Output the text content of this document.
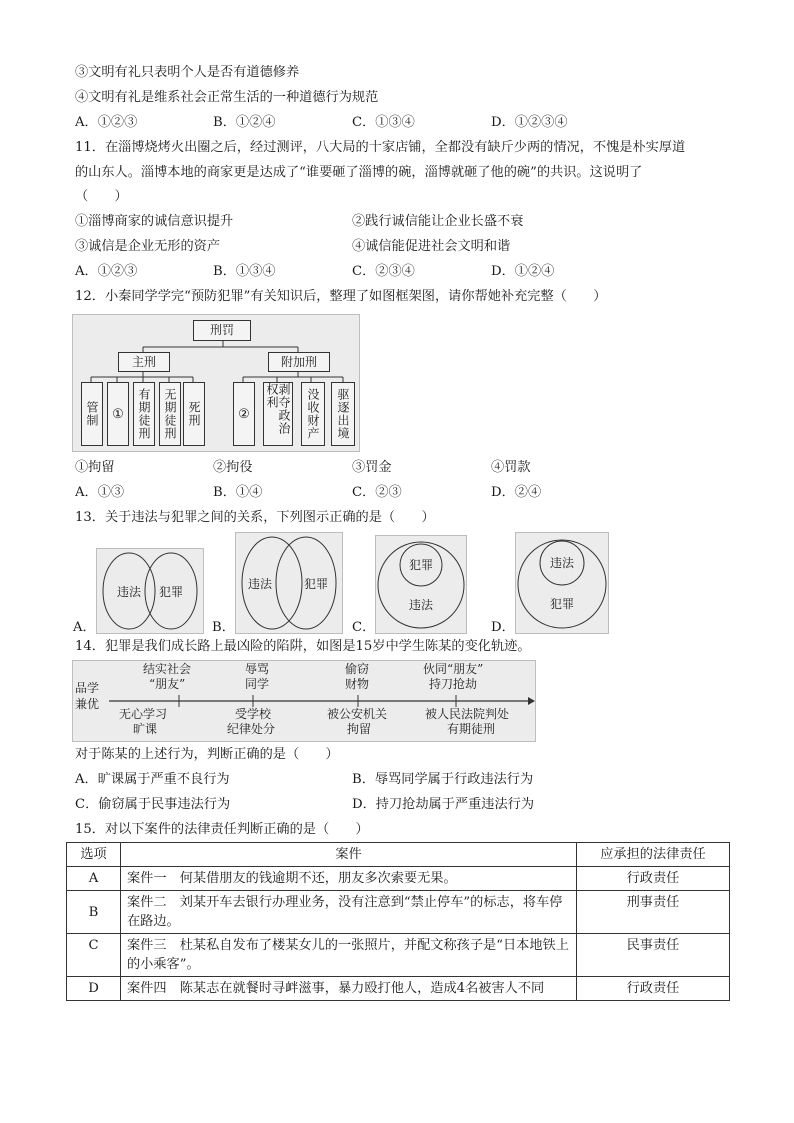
③文明有礼只表明个人是否有道德修养
④文明有礼是维系社会正常生活的一种道德行为规范
A．①②③	B．①②④	C．①③④	D．①②③④
11．在淄博烧烤火出圈之后，经过测评，八大局的十家店铺，全都没有缺斤少两的情况，不愧是朴实厚道
的山东人。淄博本地的商家更是达成了“谁要砸了淄博的碗，淄博就砸了他的碗”的共识。这说明了
（　　）
①淄博商家的诚信意识提升	②践行诚信能让企业长盛不衰
③诚信是企业无形的资产	④诚信能促进社会文明和谐
A．①②③	B．①③④	C．②③④	D．①②④
12．小秦同学学完“预防犯罪”有关知识后，整理了如图框架图，请你帮她补充完整（　　）
刑罚
主刑	附加刑
管制	①	有期徒刑	无期徒刑 死刑	②	剥夺政治权利	没收财产	驱逐出境
①拘留	②拘役	③罚金	④罚款
A．①③	B．①④	C．②③	D．②④
13．关于违法与犯罪之间的关系，下列图示正确的是（　　）
A．
违法 犯罪
B．
违法	犯罪
C．
犯罪
违法
D．
违法
犯罪
14．犯罪是我们成长路上最凶险的陷阱，如图是15岁中学生陈某的变化轨迹。
品学
兼优
结实社会
“朋友”
辱骂
同学
偷窃
财物
伙同“朋友”
持刀抢劫
无心学习
旷课
受学校
纪律处分
被公安机关
拘留
被人民法院判处
有期徒刑
对于陈某的上述行为，判断正确的是（　　）
A．旷课属于严重不良行为	B．辱骂同学属于行政违法行为
C．偷窃属于民事违法行为	D．持刀抢劫属于严重违法行为
15．对以下案件的法律责任判断正确的是（　　）
选项	案件	应承担的法律责任
A	案件一　何某借朋友的钱逾期不还，朋友多次索要无果。	行政责任
B	案件二　刘某开车去银行办理业务，没有注意到“禁止停车”的标志，将车停在路边。	刑事责任
C	案件三　杜某私自发布了楼某女儿的一张照片，并配文称孩子是“日本地铁上的小乘客”。	民事责任
D	案件四　陈某志在就餐时寻衅滋事，暴力殴打他人，造成4名被害人不同	行政责任
